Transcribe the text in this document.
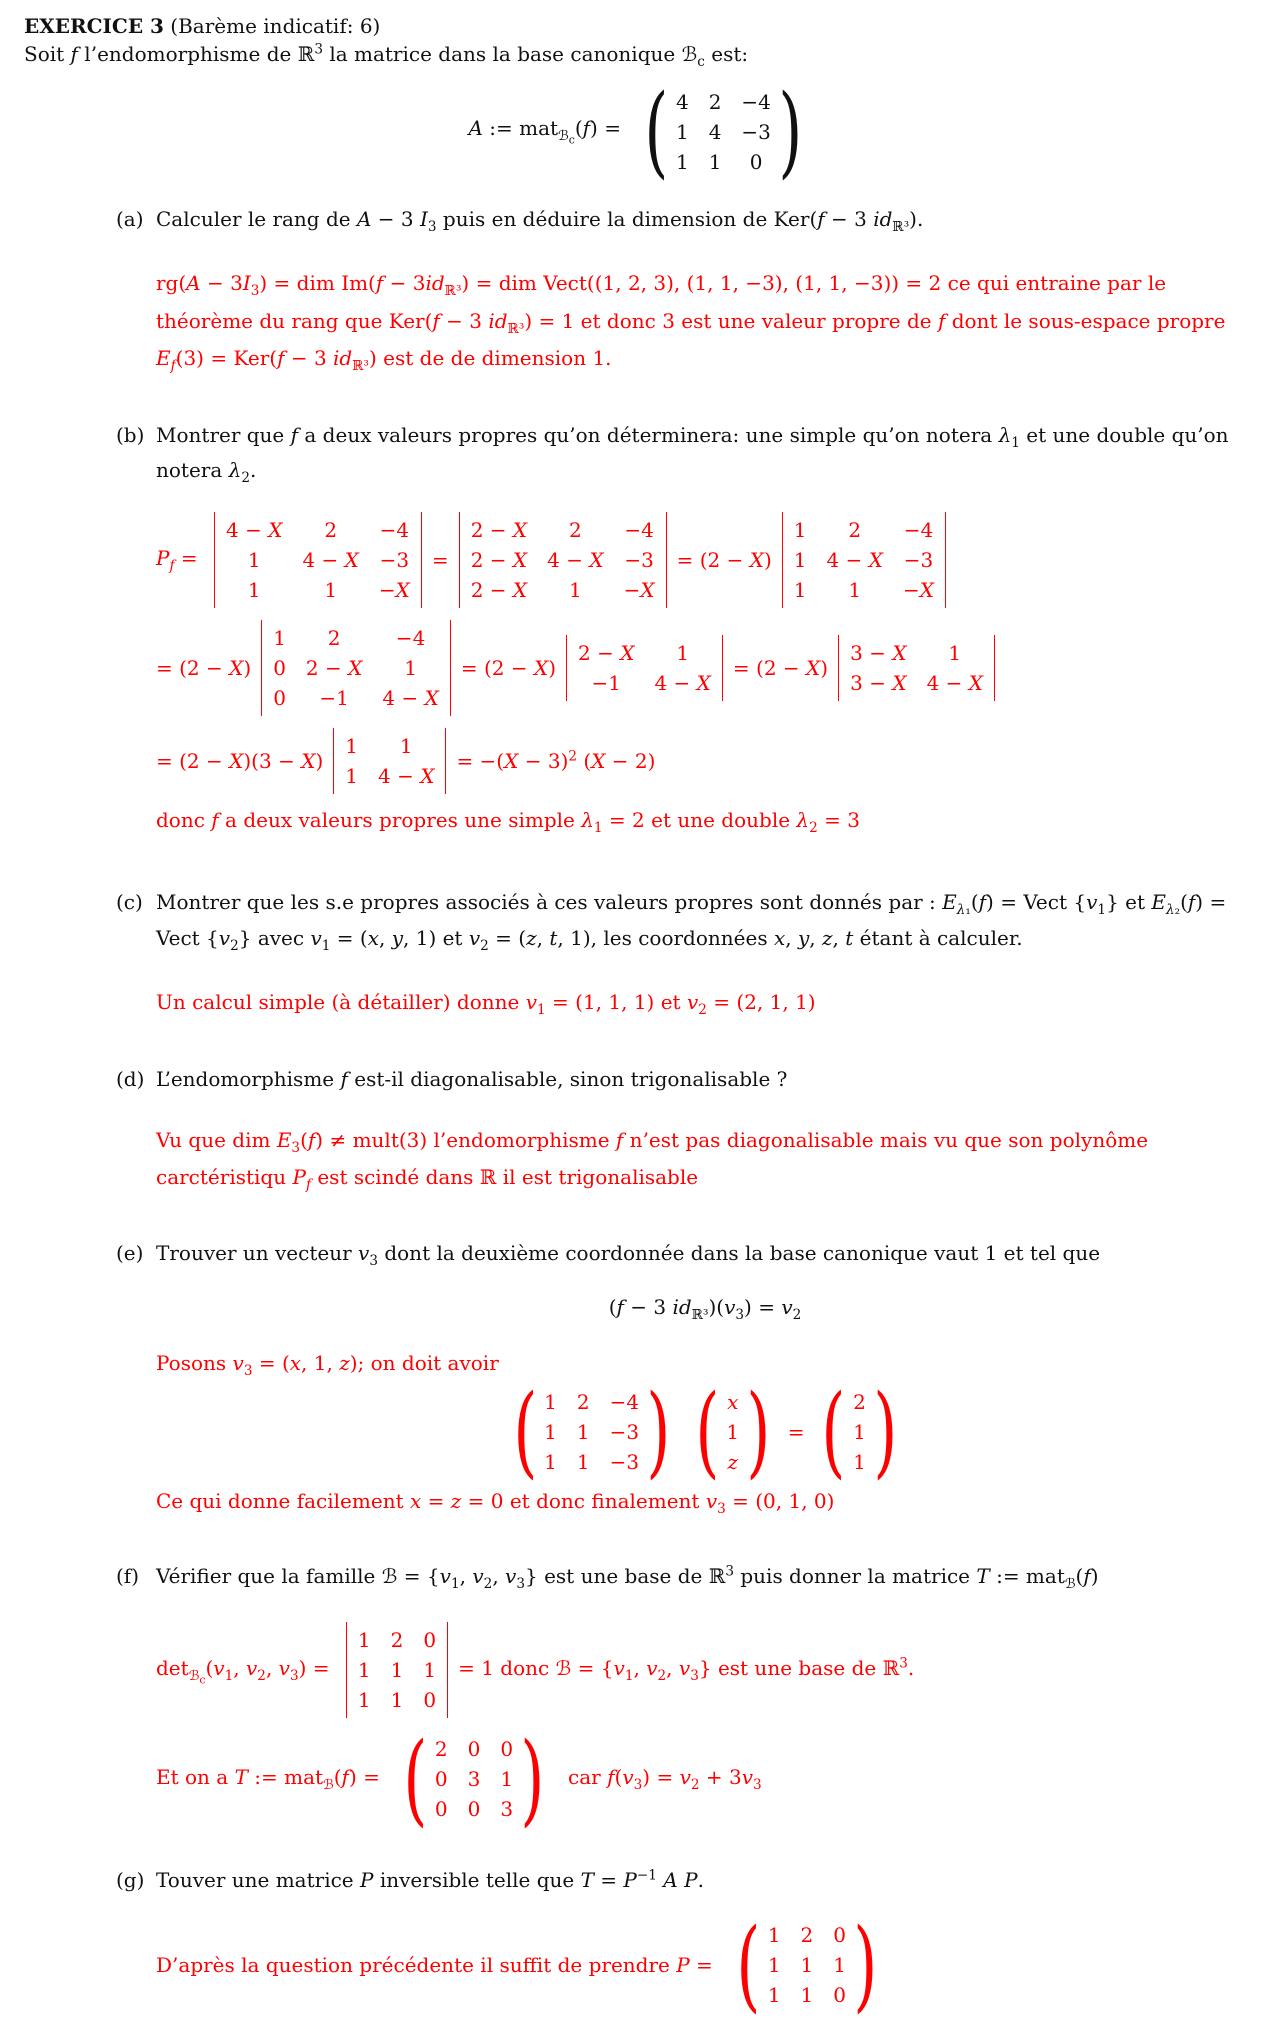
EXERCICE 3 (Barème indicatif: 6)
Soit f l’endomorphisme de ℝ$^3$ la matrice dans la base canonique ℬ$_c$ est:
A := mat$_{ℬ_c}$(f) = ( 4 2 −4
1 4 −3
1 1 0 )
(a) Calculer le rang de A − 3 $I_3$ puis en déduire la dimension de Ker(f − 3 $id_{ℝ^3}$).
$rg(A - 3I_3)$ = dim $Im(f - 3id_{ℝ^3})$ = dim Vect((1, 2, 3), (1, 1, −3), (1, 1, −3)) = 2 ce qui entraine par le théorème du rang que Ker(f − 3 $id_{ℝ^3}) = 1$ et donc 3 est une valeur propre de f dont le sous-espace propre $E_f(3) = Ker(f - 3$ $id_{ℝ^3}$) est de de dimension 1.
(b) Montrer que f a deux valeurs propres qu’on déterminera: une simple qu’on notera $\lambda_1$ et une double qu’on notera $\lambda_2$.
$P_f$ =
4 − X 2 −4
1 4 − X −3
1	1 −X
=
2 − X 2 −4
2 − X 4 − X −3
2 − X 1 −X
= (2 − X)
1 2 −4
1 4 − X −3
1 1 −X
= (2 − X)
1 2	−4
0 2 − X 1
0 −1 4 − X
= (2 − X)
2 − X 1
−1 4 − X
= (2 − X)
3 − X 1
3 − X 4 − X
= (2 − X)(3 − X)
1 1
1 4 − X
= $-(X - 3)^2$ (X − 2)
donc f a deux valeurs propres une simple $\lambda_1 = 2$ et une double $\lambda_2 = 3$
(c) Montrer que les s.e propres associés à ces valeurs propres sont donnés par : $E_{\lambda_1}(f)$ = Vect $\{v_1\}$ et $E_{\lambda_2}(f)$ = Vect $\{v_2\}$ avec $v_1 = (x$, y, 1) et $v_2 = (z$, t, 1), les coordonnées x, y, z, t étant à calculer.
Un calcul simple (à détailler) donne $v_1 = (1$, 1, 1) et $v_2 = (2$, 1, 1)
(d) L’endomorphisme f est-il diagonalisable, sinon trigonalisable ?
Vu que dim $E_3(f)$ ≠ mult(3) l’endomorphisme f n’est pas diagonalisable mais vu que son polynôme carctéristiqu $P_f$ est scindé dans ℝ il est trigonalisable
(e) Trouver un vecteur $v_3$ dont la deuxième coordonnée dans la base canonique vaut 1 et tel que
(f − 3 $id_{ℝ^3})(v_3) = v_2$
Posons $v_3 = (x$, 1, z); on doit avoir
( 1 2 −4
1 1 −3
1 1 −3 ) ( x
1
z ) = ( 2
1
1 )
Ce qui donne facilement x = z = 0 et donc finalement $v_3 = (0$, 1, 0)
(f) Vérifier que la famille ℬ = {$v_1$, $v_2$, $v_3$} est une base de ℝ$^3$ puis donner la matrice T := mat$_ℬ$(f)
$\det_{ℬ_c}(v_1$, $v_2$, $v_3$) =
1 2 0
1 1 1
1 1 0
= 1 donc ℬ = {$v_1$, $v_2$, $v_3$} est une base de ℝ$^3$.
Et on a T := mat$_ℬ$(f) = ( 2 0 0
0 3 1
0 0 3 ) car $f(v_3) = v_2 + 3v_3$
(g) Touver une matrice P inversible telle que $T = P^{-1}$ A P.
D’après la question précédente il suffit de prendre P = ( 1 2 0
1 1 1
1 1 0 )
